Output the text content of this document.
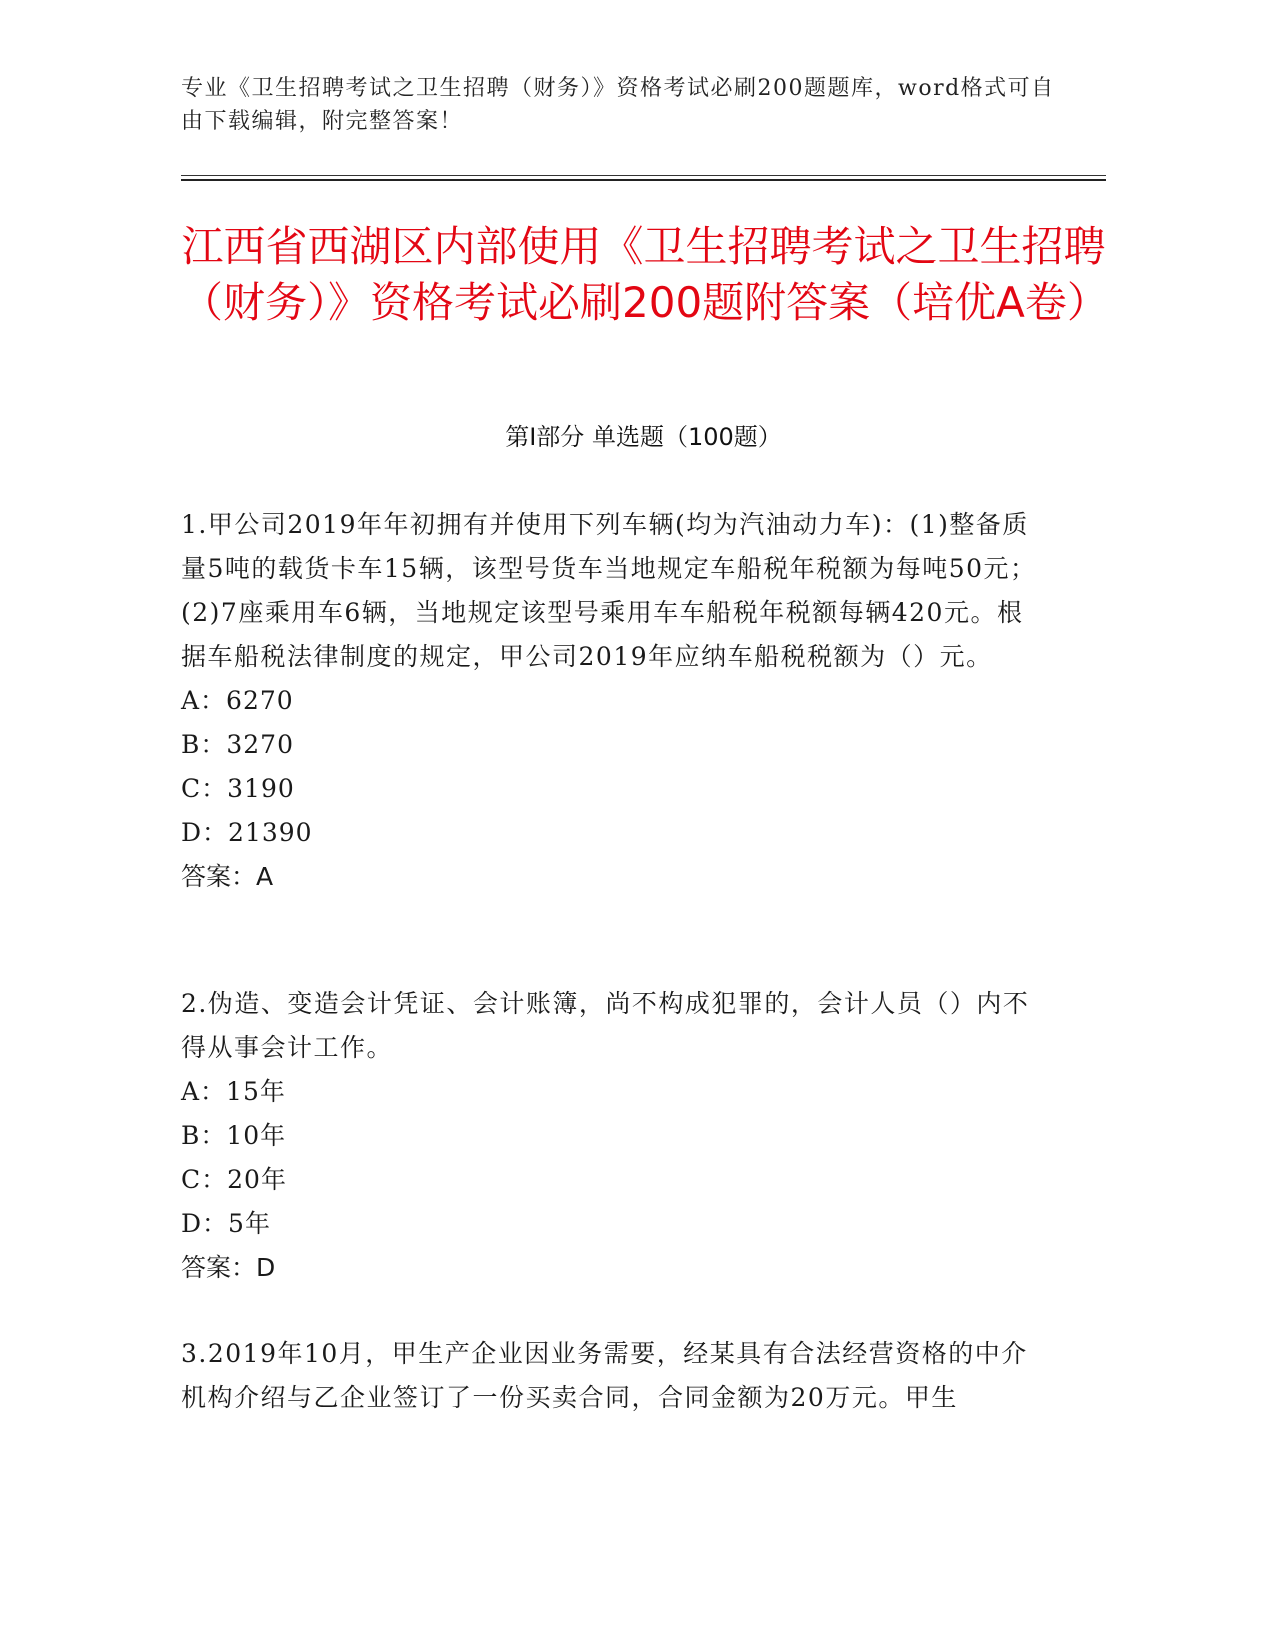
专业《卫生招聘考试之卫生招聘（财务）》资格考试必刷200题题库，word格式可自由下载编辑，附完整答案！
江西省西湖区内部使用《卫生招聘考试之卫生招聘（财务）》资格考试必刷200题附答案（培优A卷）
第Ⅰ部分 单选题（100题）

1.甲公司2019年年初拥有并使用下列车辆(均为汽油动力车)：(1)整备质量5吨的载货卡车15辆，该型号货车当地规定车船税年税额为每吨50元；(2)7座乘用车6辆，当地规定该型号乘用车车船税年税额每辆420元。根据车船税法律制度的规定，甲公司2019年应纳车船税税额为（）元。

A：6270

B：3270

C：3190

D：21390

答案：A

2.伪造、变造会计凭证、会计账簿，尚不构成犯罪的，会计人员（）内不得从事会计工作。

A：15年

B：10年

C：20年

D：5年

答案：D

3.2019年10月，甲生产企业因业务需要，经某具有合法经营资格的中介机构介绍与乙企业签订了一份买卖合同，合同金额为20万元。甲生
